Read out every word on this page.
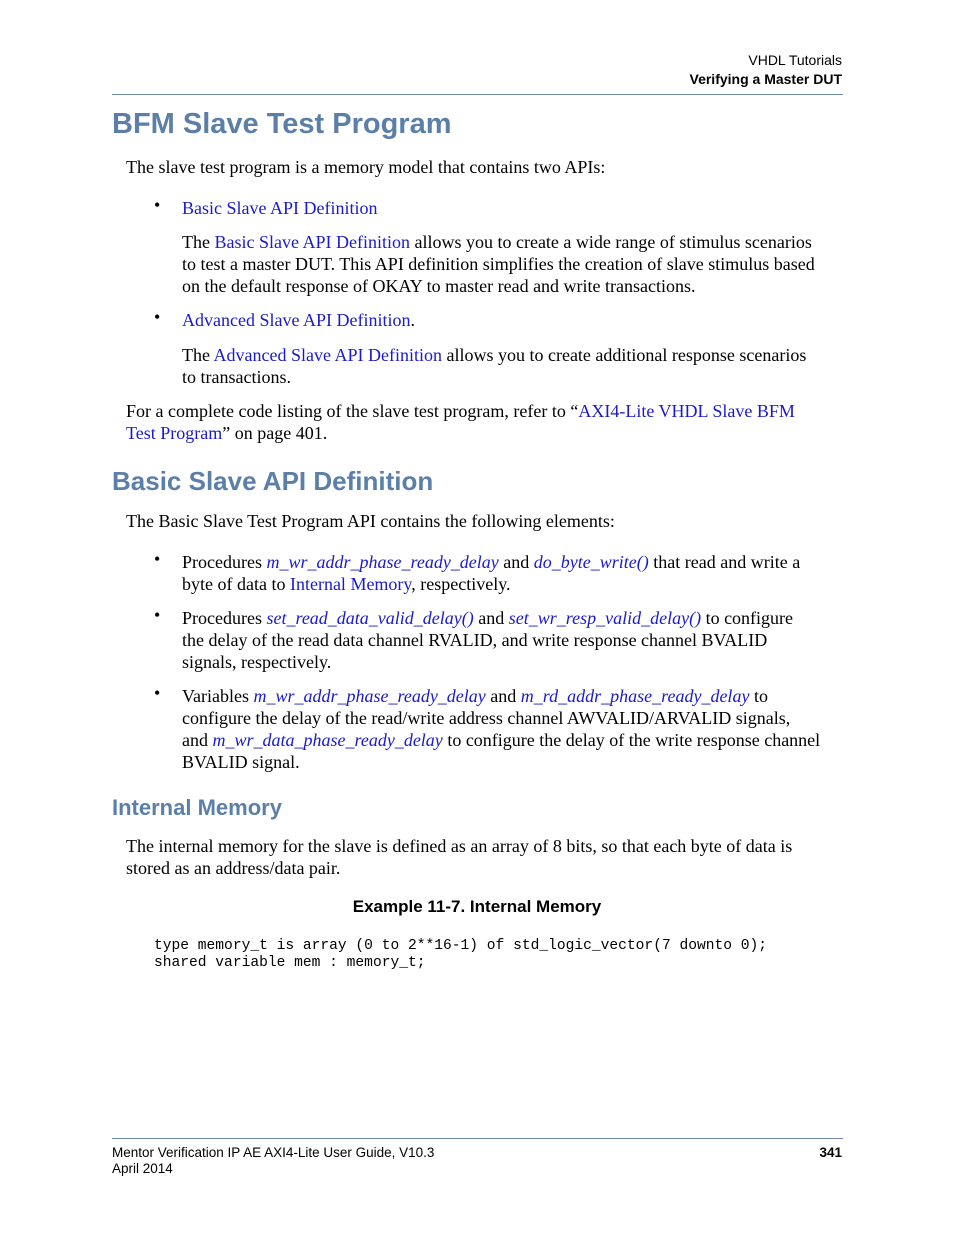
VHDL Tutorials
Verifying a Master DUT
BFM Slave Test Program
The slave test program is a memory model that contains two APIs:
• Basic Slave API Definition
The Basic Slave API Definition allows you to create a wide range of stimulus scenarios
to test a master DUT. This API definition simplifies the creation of slave stimulus based
on the default response of OKAY to master read and write transactions.
• Advanced Slave API Definition.
The Advanced Slave API Definition allows you to create additional response scenarios
to transactions.
For a complete code listing of the slave test program, refer to “AXI4-Lite VHDL Slave BFM
Test Program” on page 401.
Basic Slave API Definition
The Basic Slave Test Program API contains the following elements:
• Procedures m_wr_addr_phase_ready_delay and do_byte_write() that read and write a
byte of data to Internal Memory, respectively.
• Procedures set_read_data_valid_delay() and set_wr_resp_valid_delay() to configure
the delay of the read data channel RVALID, and write response channel BVALID
signals, respectively.
• Variables m_wr_addr_phase_ready_delay and m_rd_addr_phase_ready_delay to
configure the delay of the read/write address channel AWVALID/ARVALID signals,
and m_wr_data_phase_ready_delay to configure the delay of the write response channel
BVALID signal.
Internal Memory
The internal memory for the slave is defined as an array of 8 bits, so that each byte of data is
stored as an address/data pair.
Example 11-7. Internal Memory
type memory_t is array (0 to 2**16-1) of std_logic_vector(7 downto 0);
shared variable mem : memory_t;
Mentor Verification IP AE AXI4-Lite User Guide, V10.3
April 2014
341
